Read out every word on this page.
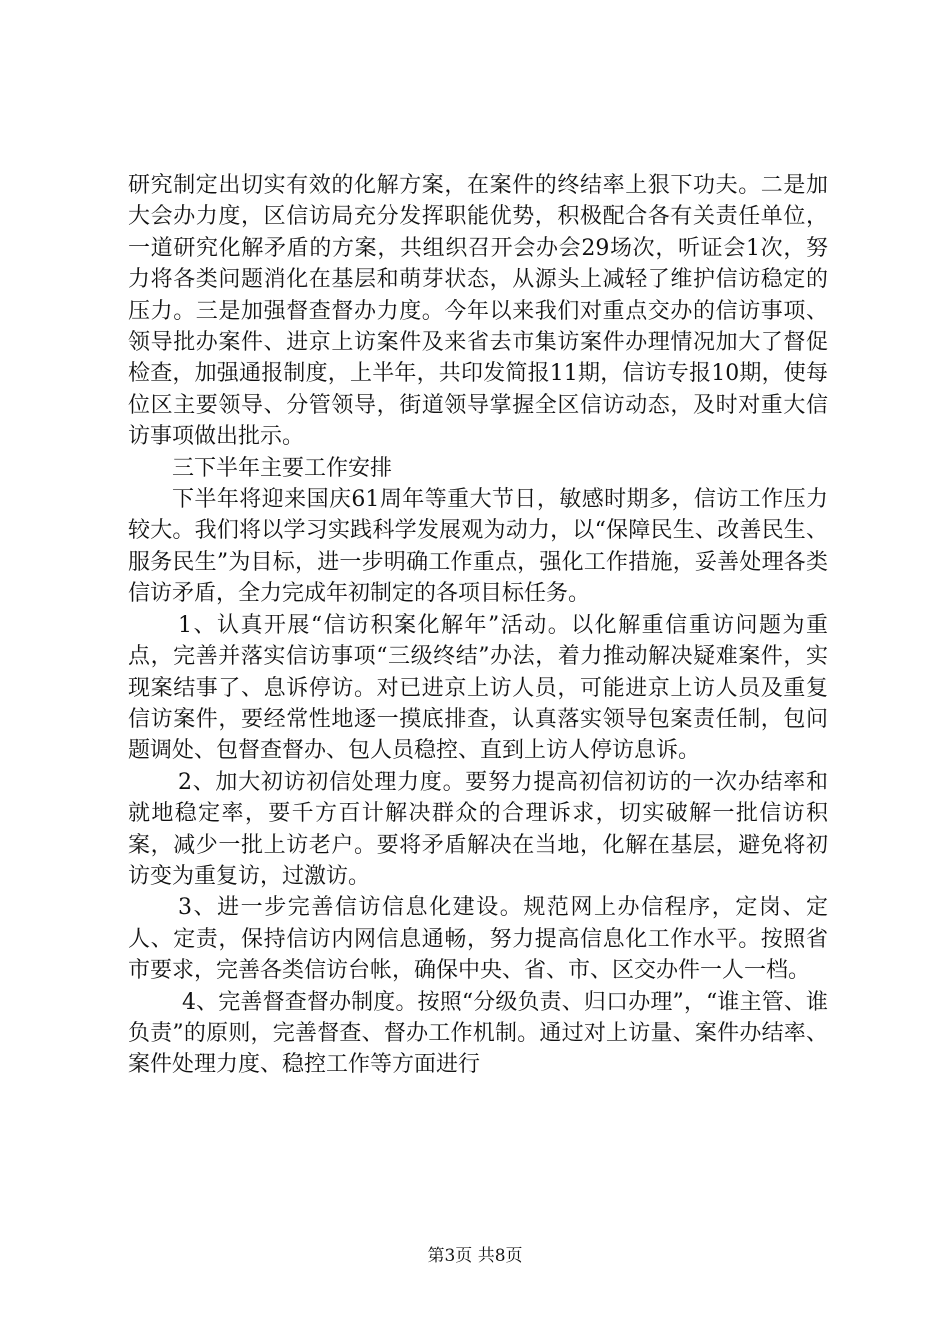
研究制定出切实有效的化解方案，在案件的终结率上狠下功夫。二是加大会办力度，区信访局充分发挥职能优势，积极配合各有关责任单位，一道研究化解矛盾的方案，共组织召开会办会29场次，听证会1次，努力将各类问题消化在基层和萌芽状态，从源头上减轻了维护信访稳定的压力。三是加强督查督办力度。今年以来我们对重点交办的信访事项、领导批办案件、进京上访案件及来省去市集访案件办理情况加大了督促检查，加强通报制度，上半年，共印发简报11期，信访专报10期，使每位区主要领导、分管领导，街道领导掌握全区信访动态，及时对重大信访事项做出批示。

三下半年主要工作安排

下半年将迎来国庆61周年等重大节日，敏感时期多，信访工作压力较大。我们将以学习实践科学发展观为动力，以“保障民生、改善民生、服务民生”为目标，进一步明确工作重点，强化工作措施，妥善处理各类信访矛盾，全力完成年初制定的各项目标任务。

1、认真开展“信访积案化解年”活动。以化解重信重访问题为重点，完善并落实信访事项“三级终结”办法，着力推动解决疑难案件，实现案结事了、息诉停访。对已进京上访人员，可能进京上访人员及重复信访案件，要经常性地逐一摸底排查，认真落实领导包案责任制，包问题调处、包督查督办、包人员稳控、直到上访人停访息诉。

2、加大初访初信处理力度。要努力提高初信初访的一次办结率和就地稳定率，要千方百计解决群众的合理诉求，切实破解一批信访积案，减少一批上访老户。要将矛盾解决在当地，化解在基层，避免将初访变为重复访，过激访。

3、进一步完善信访信息化建设。规范网上办信程序，定岗、定人、定责，保持信访内网信息通畅，努力提高信息化工作水平。按照省市要求，完善各类信访台帐，确保中央、省、市、区交办件一人一档。

4、完善督查督办制度。按照“分级负责、归口办理”，“谁主管、谁负责”的原则，完善督查、督办工作机制。通过对上访量、案件办结率、案件处理力度、稳控工作等方面进行

第3页 共8页
